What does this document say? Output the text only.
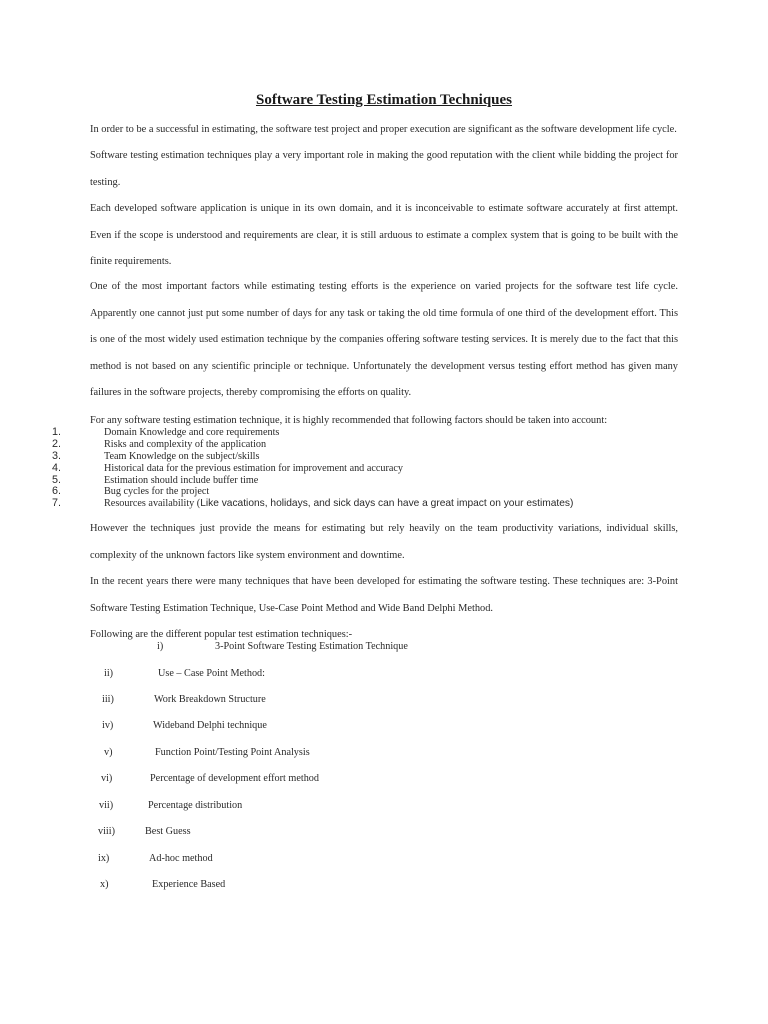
Software Testing Estimation Techniques

In order to be a successful in estimating, the software test project and proper execution are significant as the software development life cycle.

Software testing estimation techniques play a very important role in making the good reputation with the client while bidding the project for testing.

Each developed software application is unique in its own domain, and it is inconceivable to estimate software accurately at first attempt. Even if the scope is understood and requirements are clear, it is still arduous to estimate a complex system that is going to be built with the finite requirements.

One of the most important factors while estimating testing efforts is the experience on varied projects for the software test life cycle. Apparently one cannot just put some number of days for any task or taking the old time formula of one third of the development effort. This is one of the most widely used estimation technique by the companies offering software testing services. It is merely due to the fact that this method is not based on any scientific principle or technique. Unfortunately the development versus testing effort method has given many failures in the software projects, thereby compromising the efforts on quality.

For any software testing estimation technique, it is highly recommended that following factors should be taken into account:

1.	Domain Knowledge and core requirements
2.	Risks and complexity of the application
3.	Team Knowledge on the subject/skills
4.	Historical data for the previous estimation for improvement and accuracy
5.	Estimation should include buffer time
6.	Bug cycles for the project
7.	Resources availability (Like vacations, holidays, and sick days can have a great impact on your estimates)

However the techniques just provide the means for estimating but rely heavily on the team productivity variations, individual skills, complexity of the unknown factors like system environment and downtime.

In the recent years there were many techniques that have been developed for estimating the software testing. These techniques are: 3-Point Software Testing Estimation Technique, Use-Case Point Method and Wide Band Delphi Method.

Following are the different popular test estimation techniques:-

i)	3-Point Software Testing Estimation Technique
ii)	Use – Case Point Method:
iii)	Work Breakdown Structure
iv)	Wideband Delphi technique
v)	Function Point/Testing Point Analysis
vi)	Percentage of development effort method
vii)	Percentage distribution
viii)	Best Guess
ix)	Ad-hoc method
x)	Experience Based
